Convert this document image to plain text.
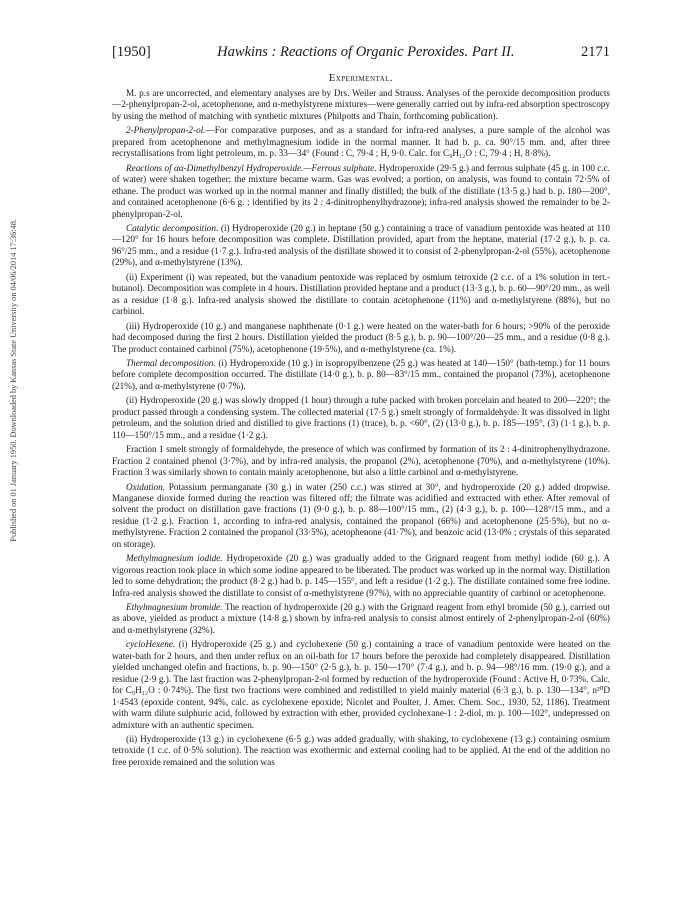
Published on 01 January 1950. Downloaded by Kansas State University on 04/06/2014 17:36:48.
[1950]	Hawkins : Reactions of Organic Peroxides. Part II.	2171
Experimental.

M. p.s are uncorrected, and elementary analyses are by Drs. Weiler and Strauss. Analyses of the peroxide decomposition products—2-phenylpropan-2-ol, acetophenone, and α-methylstyrene mixtures—were generally carried out by infra-red absorption spectroscopy by using the method of matching with synthetic mixtures (Philpotts and Thain, forthcoming publication).

2-Phenylpropan-2-ol.—For comparative purposes, and as a standard for infra-red analyses, a pure sample of the alcohol was prepared from acetophenone and methylmagnesium iodide in the normal manner. It had b. p. ca. 90°/15 mm. and, after three recrystallisations from light petroleum, m. p. 33—34° (Found : C, 79·4 ; H, 9·0. Calc. for C₉H₁₂O : C, 79·4 ; H, 8·8%).

Reactions of αα-Dimethylbenzyl Hydroperoxide.—Ferrous sulphate. Hydroperoxide (29·5 g.) and ferrous sulphate (45 g. in 100 c.c. of water) were shaken together; the mixture became warm. Gas was evolved; a portion, on analysis, was found to contain 72·5% of ethane. The product was worked up in the normal manner and finally distilled; the bulk of the distillate (13·5 g.) had b. p. 180—200°, and contained acetophenone (6·6 g. ; identified by its 2 : 4-dinitrophenylhydrazone); infra-red analysis showed the remainder to be 2-phenylpropan-2-ol.

Catalytic decomposition. (i) Hydroperoxide (20 g.) in heptane (50 g.) containing a trace of vanadium pentoxide was heated at 110—120° for 16 hours before decomposition was complete. Distillation provided, apart from the heptane, material (17·2 g.), b. p. ca. 96°/25 mm., and a residue (1·7 g.). Infra-red analysis of the distillate showed it to consist of 2-phenylpropan-2-ol (55%), acetophenone (29%), and α-methylstyrene (13%).

(ii) Experiment (i) was repeated, but the vanadium pentoxide was replaced by osmium tetroxide (2 c.c. of a 1% solution in tert.-butanol). Decomposition was complete in 4 hours. Distillation provided heptane and a product (13·3 g.), b. p. 60—90°/20 mm., as well as a residue (1·8 g.). Infra-red analysis showed the distillate to contain acetophenone (11%) and α-methylstyrene (88%), but no carbinol.

(iii) Hydroperoxide (10 g.) and manganese naphthenate (0·1 g.) were heated on the water-bath for 6 hours; >90% of the peroxide had decomposed during the first 2 hours. Distillation yielded the product (8·5 g.), b. p. 90—100°/20—25 mm., and a residue (0·8 g.). The product contained carbinol (75%), acetophenone (19·5%), and α-methylstyrene (ca. 1%).

Thermal decomposition. (i) Hydroperoxide (10 g.) in isopropylbenzene (25 g.) was heated at 140—150° (bath-temp.) for 11 hours before complete decomposition occurred. The distillate (14·0 g.), b. p. 80—83°/15 mm., contained the propanol (73%), acetophenone (21%), and α-methylstyrene (0·7%).

(ii) Hydroperoxide (20 g.) was slowly dropped (1 hour) through a tube packed with broken porcelain and heated to 200—220°; the product passed through a condensing system. The collected material (17·5 g.) smelt strongly of formaldehyde. It was dissolved in light petroleum, and the solution dried and distilled to give fractions (1) (trace), b. p. <60°, (2) (13·0 g.), b. p. 185—195°, (3) (1·1 g.), b. p. 110—150°/15 mm., and a residue (1·2 g.).

Fraction 1 smelt strongly of formaldehyde, the presence of which was confirmed by formation of its 2 : 4-dinitrophenylhydrazone. Fraction 2 contained phenol (3·7%), and by infra-red analysis, the propanol (2%), acetophenone (70%), and α-methylstyrene (10%). Fraction 3 was similarly shown to contain mainly acetophenone, but also a little carbinol and α-methylstyrene.

Oxidation. Potassium permanganate (30 g.) in water (250 c.c.) was stirred at 30°, and hydroperoxide (20 g.) added dropwise. Manganese dioxide formed during the reaction was filtered off; the filtrate was acidified and extracted with ether. After removal of solvent the product on distillation gave fractions (1) (9·0 g.), b. p. 88—100°/15 mm., (2) (4·3 g.), b. p. 100—128°/15 mm., and a residue (1·2 g.). Fraction 1, according to infra-red analysis, contained the propanol (66%) and acetophenone (25·5%), but no α-methylstyrene. Fraction 2 contained the propanol (33·5%), acetophenone (41·7%), and benzoic acid (13·0% ; crystals of this separated on storage).

Methylmagnesium iodide. Hydroperoxide (20 g.) was gradually added to the Grignard reagent from methyl iodide (60 g.). A vigorous reaction took place in which some iodine appeared to be liberated. The product was worked up in the normal way. Distillation led to some dehydration; the product (8·2 g.) had b. p. 145—155°, and left a residue (1·2 g.). The distillate contained some free iodine. Infra-red analysis showed the distillate to consist of α-methylstyrene (97%), with no appreciable quantity of carbinol or acetophenone.

Ethylmagnesium bromide. The reaction of hydroperoxide (20 g.) with the Grignard reagent from ethyl bromide (50 g.), carried out as above, yielded as product a mixture (14·8 g.) shown by infra-red analysis to consist almost entirely of 2-phenylpropan-2-ol (60%) and α-methylstyrene (32%).

cycloHexene. (i) Hydroperoxide (25 g.) and cyclohexene (50 g.) containing a trace of vanadium pentoxide were heated on the water-bath for 2 hours, and then under reflux on an oil-bath for 17 hours before the peroxide had completely disappeared. Distillation yielded unchanged olefin and fractions, b. p. 90—150° (2·5 g.), b. p. 150—170° (7·4 g.), and b. p. 94—98°/16 mm. (19·0 g.), and a residue (2·9 g.). The last fraction was 2-phenylpropan-2-ol formed by reduction of the hydroperoxide (Found : Active H, 0·73%. Calc. for C₉H₁₂O : 0·74%). The first two fractions were combined and redistilled to yield mainly material (6·3 g.), b. p. 130—134°, n²⁰D 1·4543 (epoxide content, 94%, calc. as cyclohexene epoxide; Nicolet and Poulter, J. Amer. Chem. Soc., 1930, 52, 1186). Treatment with warm dilute sulphuric acid, followed by extraction with ether, provided cyclohexane-1 : 2-diol, m. p. 100—102°, undepressed on admixture with an authentic specimen.

(ii) Hydroperoxide (13 g.) in cyclohexene (6·5 g.) was added gradually, with shaking, to cyclohexene (13 g.) containing osmium tetroxide (1 c.c. of 0·5% solution). The reaction was exothermic and external cooling had to be applied. At the end of the addition no free peroxide remained and the solution was
